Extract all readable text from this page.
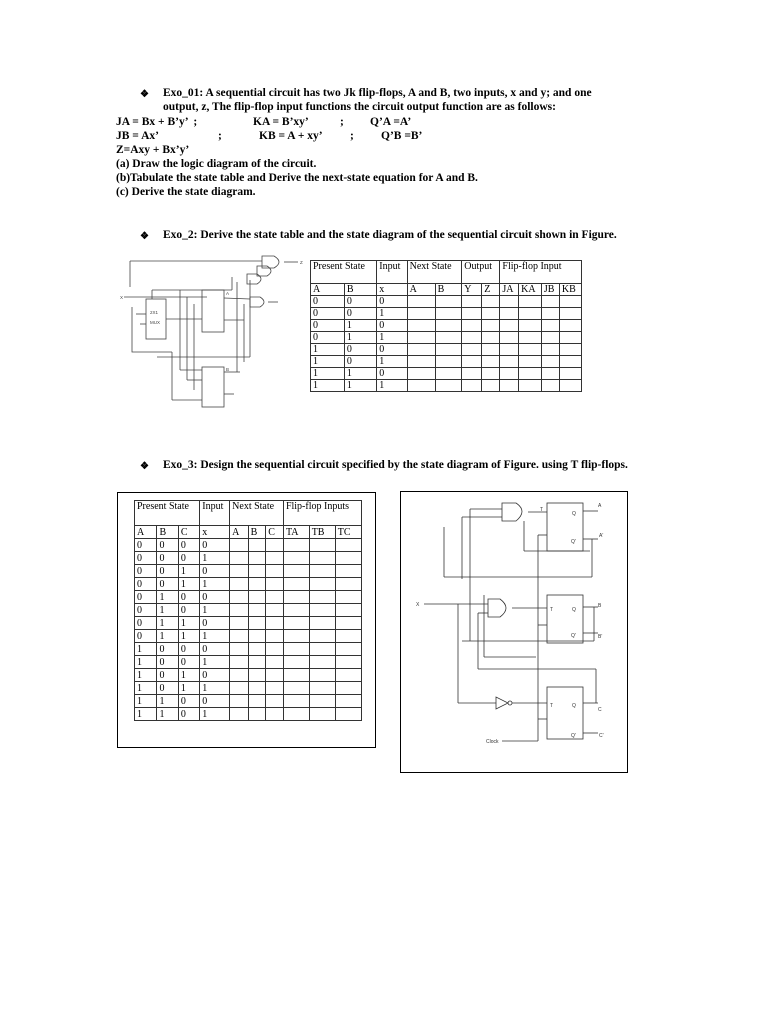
❖ Exo_01: A sequential circuit has two Jk flip-flops, A and B, two inputs, x and y; and one
output, z, The flip-flop input functions the circuit output function are as follows:
JA = Bx + B’y’  ;	KA = B’xy’	; Q’A =A’
JB = Ax’	;	KB = A + xy’ ; Q’B =B’
Z=Axy + Bx’y’
(a) Draw the logic diagram of the circuit.
(b)Tabulate the state table and Derive the next-state equation for A and B.
(c) Derive the state diagram.
❖ Exo_2: Derive the state table and the state diagram of the sequential circuit shown in Figure.
X
Z
A
B
2X1
MUX
Present State		Input	Next State		Output		Flip-flop Input			
A	B	x	A	B	Y	Z	JA	KA	JB	KB
0	0	0								
0	0	1								
0	1	0								
0	1	1								
1	0	0								
1	0	1								
1	1	0								
1	1	1								
❖ Exo_3: Design the sequential circuit specified by the state diagram of Figure. using T flip-flops.
Present State			Input	Next State			Flip-flop Inputs		
A	B	C	x	A	B	C	TA	TB	TC
0	0	0	0						
0	0	0	1						
0	0	1	0						
0	0	1	1						
0	1	0	0						
0	1	0	1						
0	1	1	0						
0	1	1	1						
1	0	0	0						
1	0	0	1						
1	0	1	0						
1	0	1	1						
1	1	0	0						
1	1	0	1						
T
Q
Q'
A
A'
T	Q
Q'
B
B'
T	Q
Q'
C
C'
X
Clock
